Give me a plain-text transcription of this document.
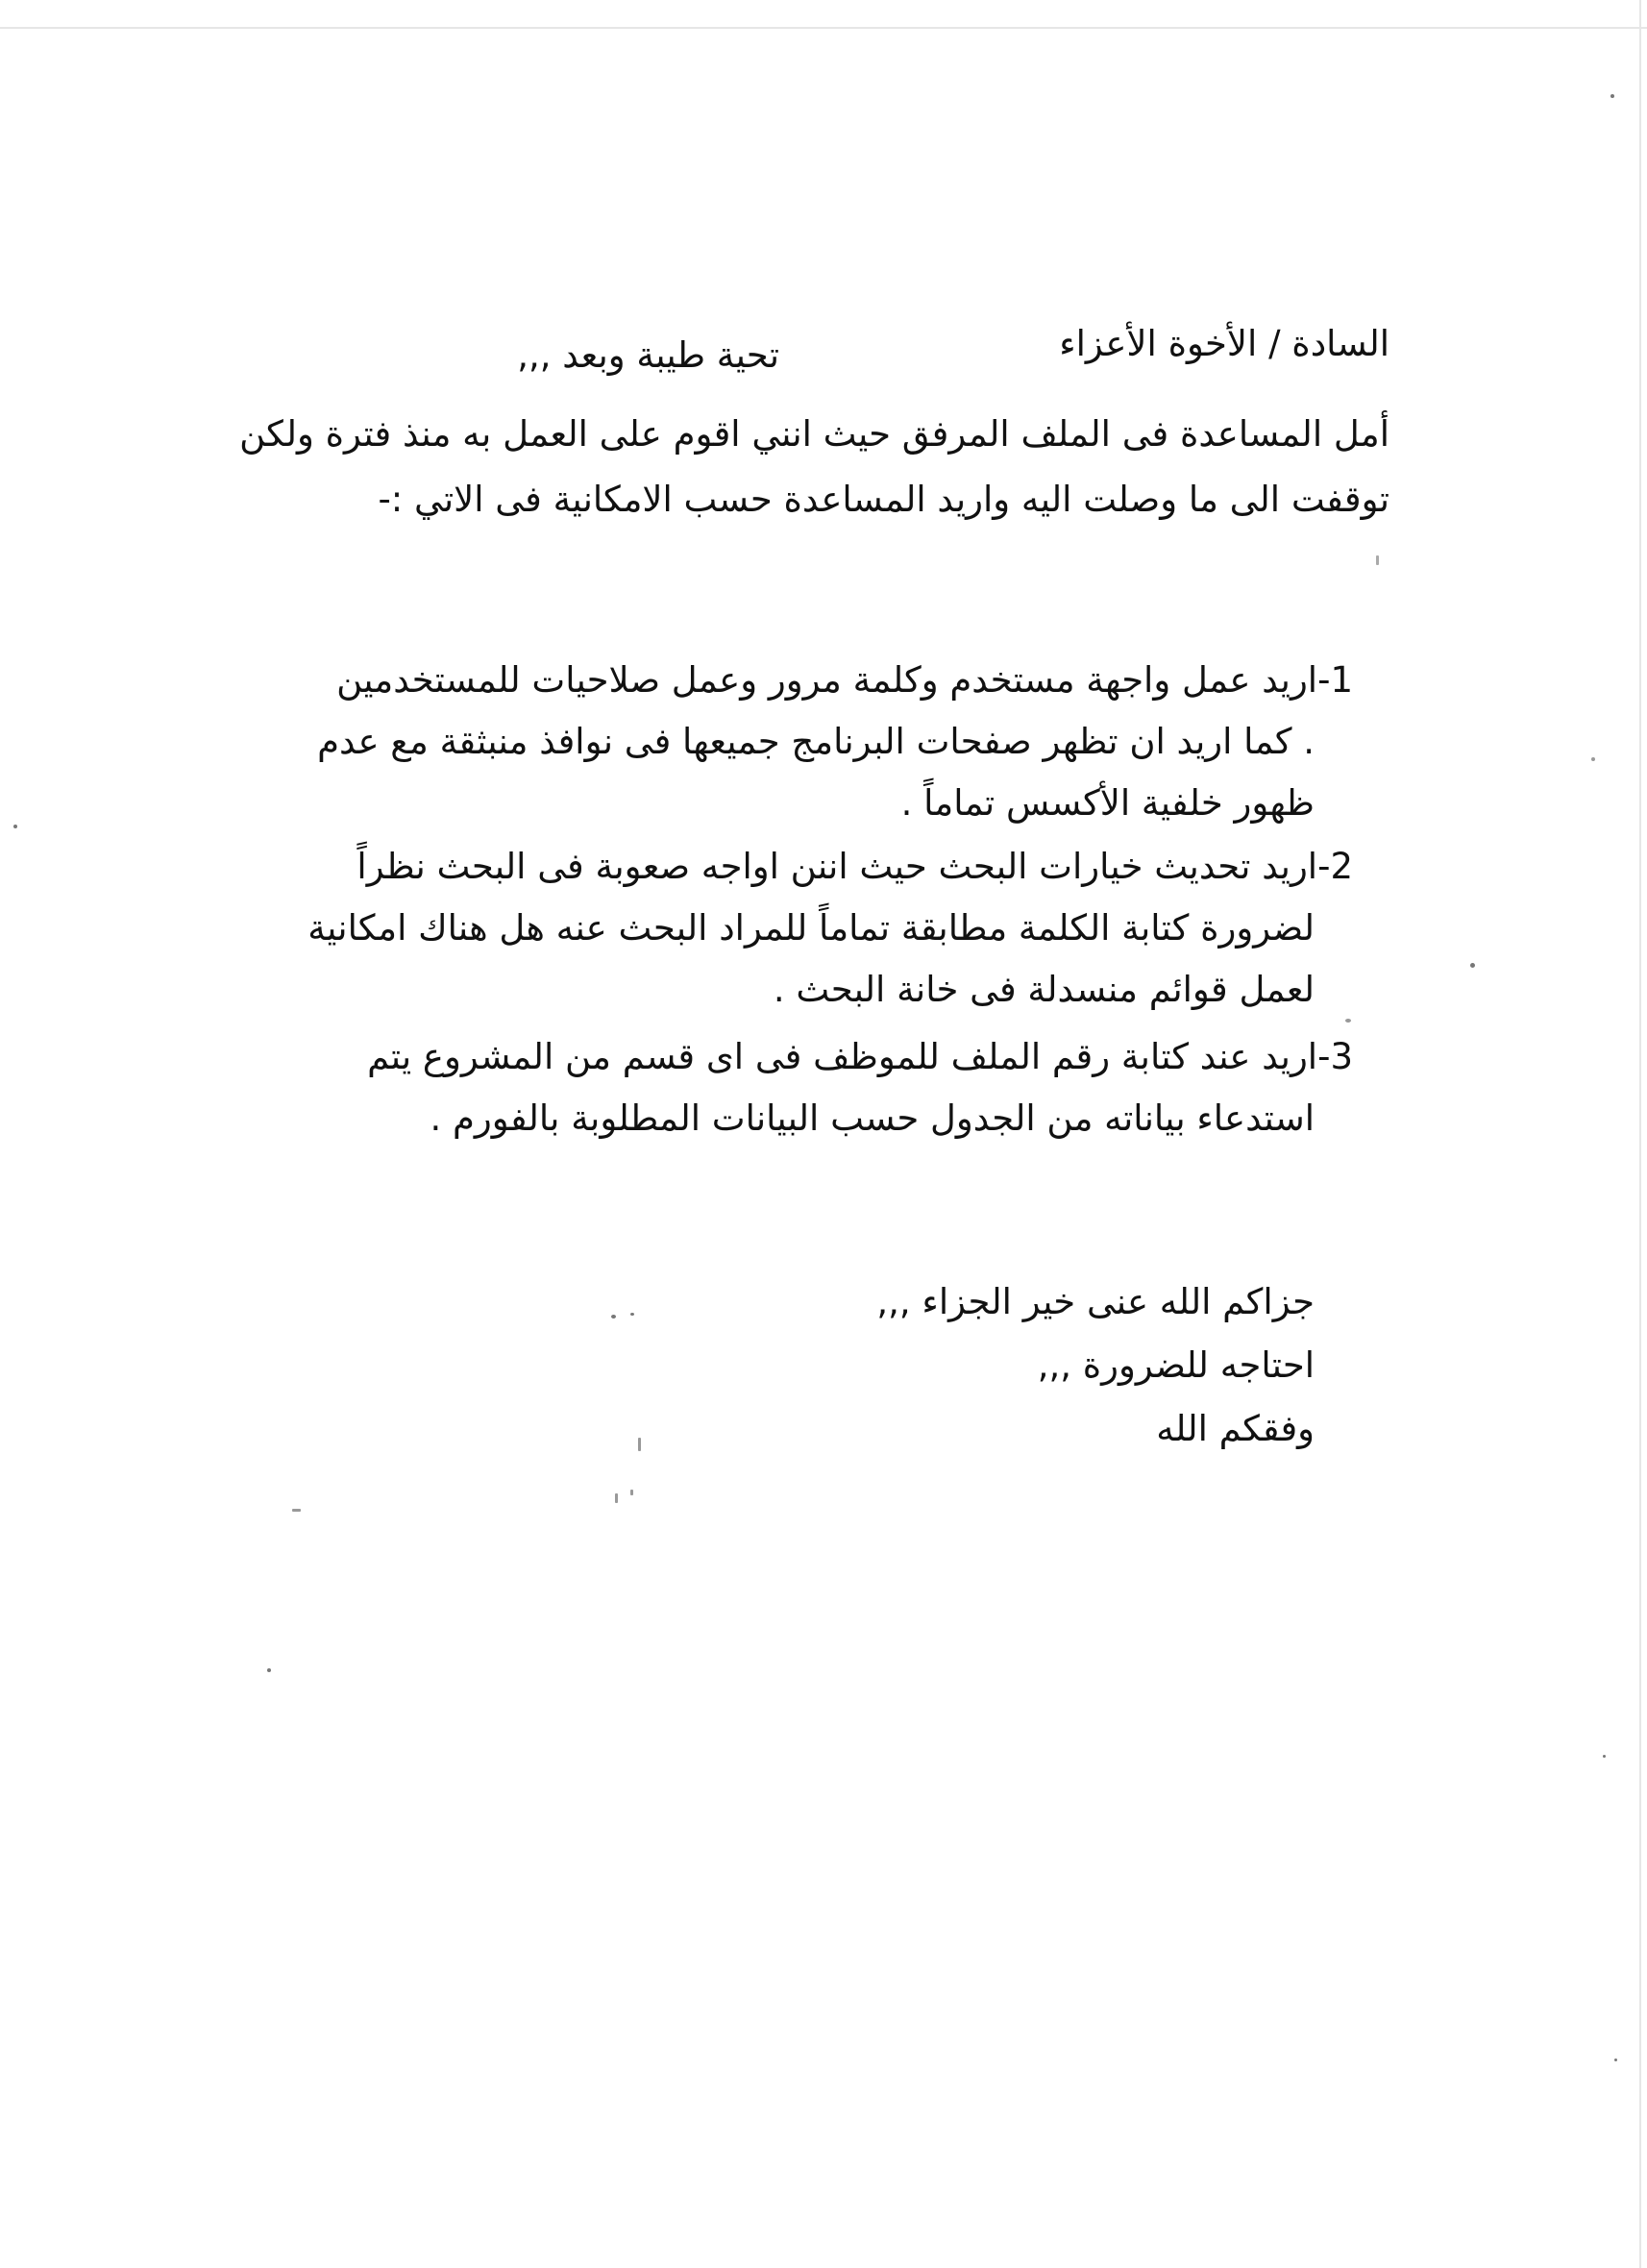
السادة / الأخوة الأعزاء
تحية طيبة وبعد ,,,
أمل المساعدة فى الملف المرفق حيث انني اقوم على العمل به منذ فترة ولكن
توقفت الى ما وصلت اليه واريد المساعدة حسب الامكانية فى الاتي :-
1-اريد عمل واجهة مستخدم وكلمة مرور وعمل صلاحيات للمستخدمين
. كما اريد ان تظهر صفحات البرنامج جميعها فى نوافذ منبثقة مع عدم
ظهور خلفية الأكسس تماماً .
2-اريد تحديث خيارات البحث حيث اننن اواجه صعوبة فى البحث نظراً
لضرورة كتابة الكلمة مطابقة تماماً للمراد البحث عنه هل هناك امكانية
لعمل قوائم منسدلة فى خانة البحث .
3-اريد عند كتابة رقم الملف للموظف فى اى قسم من المشروع يتم
استدعاء بياناته من الجدول حسب البيانات المطلوبة بالفورم .
جزاكم الله عنى خير الجزاء ,,,
احتاجه للضرورة ,,,
وفقكم الله
